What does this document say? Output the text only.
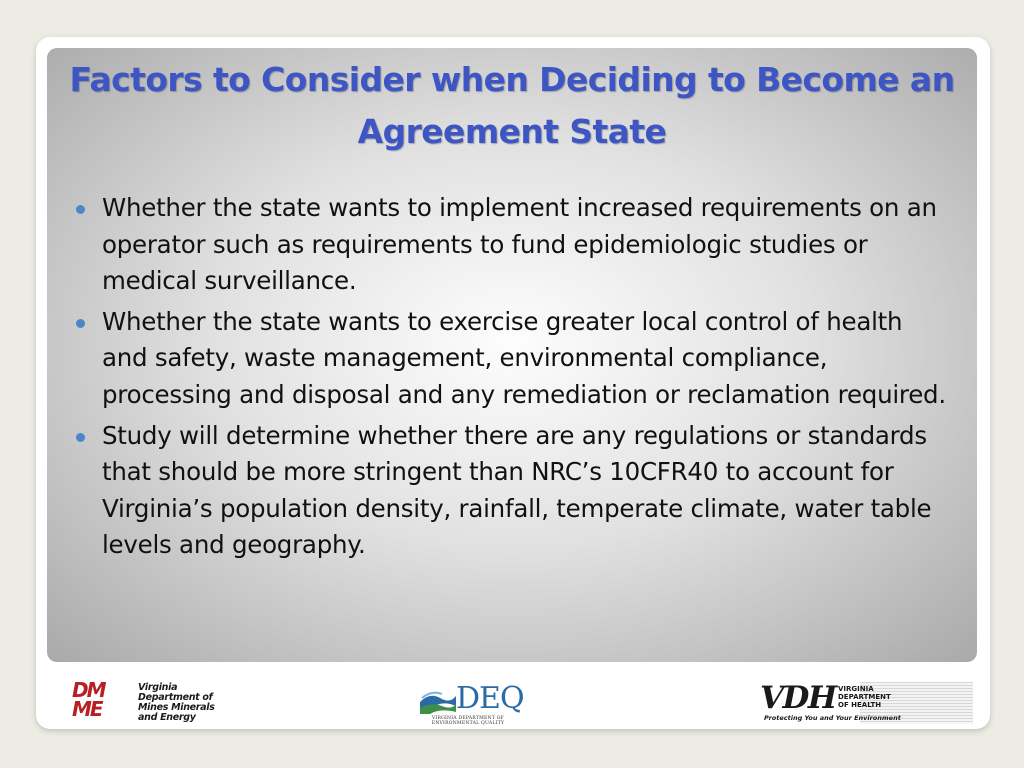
Factors to Consider when Deciding to Become an Agreement State
Whether the state wants to implement increased requirements on an operator such as requirements to fund epidemiologic studies or medical surveillance.
Whether the state wants to exercise greater local control of health and safety, waste management, environmental compliance, processing and disposal and any remediation or reclamation required.
Study will determine whether there are any regulations or standards that should be more stringent than NRC’s 10CFR40 to account for Virginia’s population density, rainfall, temperate climate, water table levels and geography.
DM
ME
Virginia
Department of
Mines Minerals
and Energy
DEQ
VIRGINIA DEPARTMENT OF
ENVIRONMENTAL QUALITY
VDH VIRGINIA
DEPARTMENT
OF HEALTH
Protecting You and Your Environment
